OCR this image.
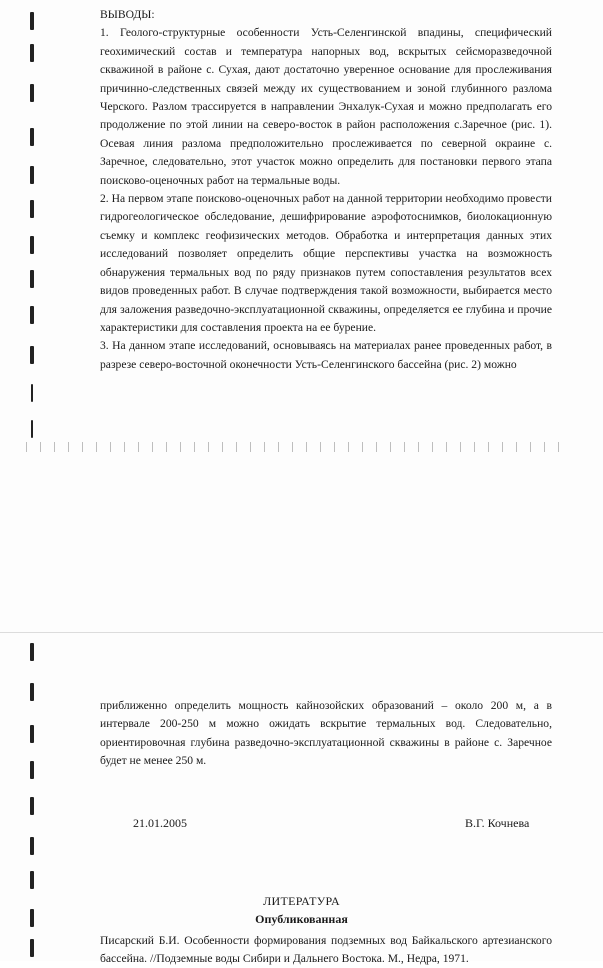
ВЫВОДЫ:

1. Геолого-структурные особенности Усть-Селенгинской впадины, специфический геохимический состав и температура напорных вод, вскрытых сейсморазведочной скважиной в районе с. Сухая, дают достаточно уверенное основание для прослеживания причинно-следственных связей между их существованием и зоной глубинного разлома Черского. Разлом трассируется в направлении Энхалук-Сухая и можно предполагать его продолжение по этой линии на северо-восток в район расположения с.Заречное (рис. 1). Осевая линия разлома предположительно прослеживается по северной окраине с. Заречное, следовательно, этот участок можно определить для постановки первого этапа поисково-оценочных работ на термальные воды.

2. На первом этапе поисково-оценочных работ на данной территории необходимо провести гидрогеологическое обследование, дешифрирование аэрофотоснимков, биолокационную съемку и комплекс геофизических методов. Обработка и интерпретация данных этих исследований позволяет определить общие перспективы участка на возможность обнаружения термальных вод по ряду признаков путем сопоставления результатов всех видов проведенных работ. В случае подтверждения такой возможности, выбирается место для заложения разведочно-эксплуатационной скважины, определяется ее глубина и прочие характеристики для составления проекта на ее бурение.

3. На данном этапе исследований, основываясь на материалах ранее проведенных работ, в разрезе северо-восточной оконечности Усть-Селенгинского бассейна (рис. 2) можно

приближенно определить мощность кайнозойских образований – около 200 м, а в интервале 200-250 м можно ожидать вскрытие термальных вод. Следовательно, ориентировочная глубина разведочно-эксплуатационной скважины в районе с. Заречное будет не менее 250 м.

21.01.2005	В.Г. Кочнева
ЛИТЕРАТУРА
Опубликованная
Писарский Б.И. Особенности формирования подземных вод Байкальского артезианского бассейна. //Подземные воды Сибири и Дальнего Востока. М., Недра, 1971.
